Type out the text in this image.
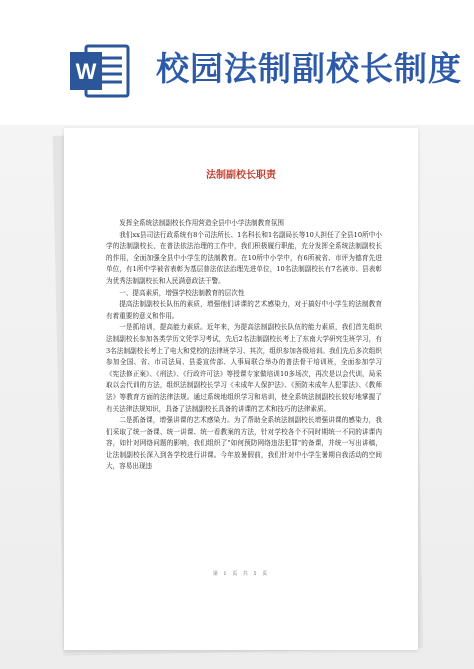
W 校园法制副校长制度
法制副校长职责

发挥全系统法制副校长作用营造全县中小学法制教育氛围

我们xx县司法行政系统有8个司法所长、1名科长和1名副局长等10人担任了全县10所中小学的法制副校长，在普法依法治理的工作中，我们积极履行职能，充分发挥全系统法制副校长的作用，全面加强全县中小学生的法制教育。在10所中小学中，有6所被省、市评为德育先进单位，有1所中学被省表彰为基层普法依法治理先进单位，10名法制副校长有7名被市、县表彰为优秀法制副校长和人民满意政法干警。

一、提高素质，增强学校法制教育的层次性

提高法制副校长队伍的素质，增强他们讲课的艺术感染力，对于搞好中小学生的法制教育有着重要的意义和作用。

一是抓培训，提高能力素质。近年来，为提高法制副校长队伍的能力素质，我们首先组织法制副校长参加各类学历文凭学习考试，先后2名法制副校长考上了东南大学研究生班学习，有3名法制副校长考上了电大和党校的法律班学习、其次，组织参加各级培训。我们先后多次组织参加全国、省、市司法局、县委宣传部、人事局联合举办的普法骨干培训班，全面参加学习《宪法修正案》、《刑法》、《行政许可法》等授课专家做培训10多场次，再次是以会代训，局采取以会代训的方法，组织法制副校长学习《未成年人保护法》、《预防未成年人犯罪法》、《教师法》等教育方面的法律法规。通过系统地组织学习和培训，使全系统法制副校长较好地掌握了有关法律法规知识，具备了法制副校长具备的讲课的艺术和技巧的法律素质。

二是抓备课，增强讲课的艺术感染力。为了帮助全系统法制副校长增强讲课的感染力，我们采取了统一备课、统一讲课、统一看教案的方法，针对学校各个不同时期统一不同的讲课内容，如针对网络问题的影响，我们组织了"如何预防网络违法犯罪"的备课，并统一写出讲稿，让法制副校长深入到各学校进行讲课。今年放暑假前，我们针对中小学生暑期自我活动的空间大，容易出现违

第 1 页 共 5 页
